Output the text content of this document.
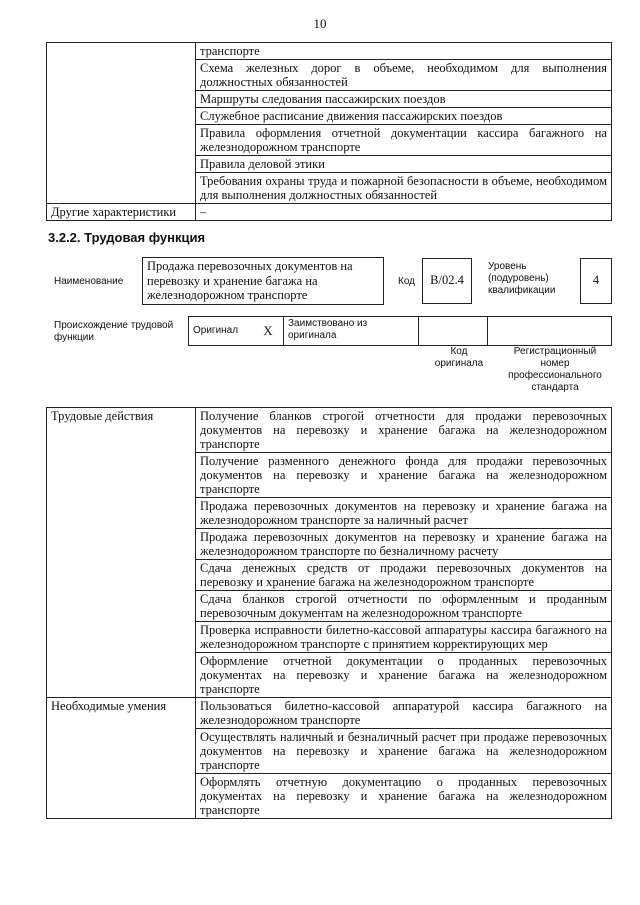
10
	транспорте
	Схема железных дорог в объеме, необходимом для выполнения должностных обязанностей
	Маршруты следования пассажирских поездов
	Служебное расписание движения пассажирских поездов
	Правила оформления отчетной документации кассира багажного на железнодорожном транспорте
	Правила деловой этики
	Требования охраны труда и пожарной безопасности в объеме, необходимом для выполнения должностных обязанностей
Другие характеристики	–
3.2.2. Трудовая функция
Наименование
Продажа перевозочных документов на перевозку и хранение багажа на железнодорожном транспорте
Код	B/02.4
Уровень (подуровень) квалификации
4
Происхождение трудовой функции
Оригинал	X	Заимствовано из оригинала		
Код оригинала
Регистрационный номер профессионального стандарта
Трудовые действия	Получение бланков строгой отчетности для продажи перевозочных документов на перевозку и хранение багажа на железнодорожном транспорте
	Получение разменного денежного фонда для продажи перевозочных документов на перевозку и хранение багажа на железнодорожном транспорте
	Продажа перевозочных документов на перевозку и хранение багажа на железнодорожном транспорте за наличный расчет
	Продажа перевозочных документов на перевозку и хранение багажа на железнодорожном транспорте по безналичному расчету
	Сдача денежных средств от продажи перевозочных документов на перевозку и хранение багажа на железнодорожном транспорте
	Сдача бланков строгой отчетности по оформленным и проданным перевозочным документам на железнодорожном транспорте
	Проверка исправности билетно-кассовой аппаратуры кассира багажного на железнодорожном транспорте с принятием корректирующих мер
	Оформление отчетной документации о проданных перевозочных документах на перевозку и хранение багажа на железнодорожном транспорте
Необходимые умения	Пользоваться билетно-кассовой аппаратурой кассира багажного на железнодорожном транспорте
	Осуществлять наличный и безналичный расчет при продаже перевозочных документов на перевозку и хранение багажа на железнодорожном транспорте
	Оформлять отчетную документацию о проданных перевозочных документах на перевозку и хранение багажа на железнодорожном транспорте
